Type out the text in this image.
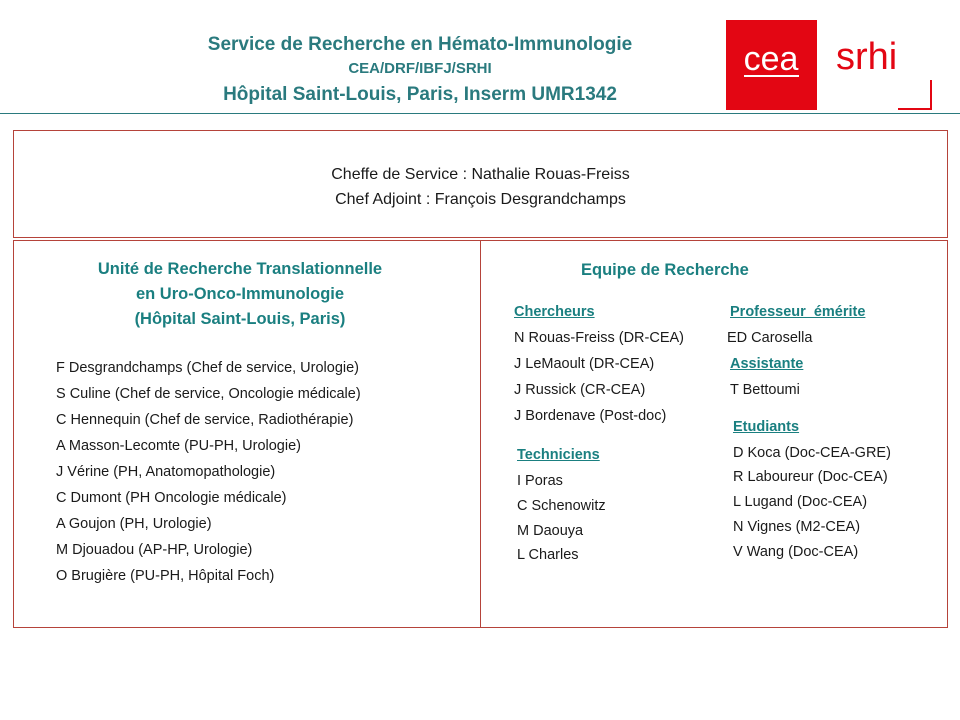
Service de Recherche en Hémato-Immunologie
CEA/DRF/IBFJ/SRHI
Hôpital Saint-Louis, Paris, Inserm UMR1342
cea srhi
Cheffe de Service : Nathalie Rouas-Freiss
Chef Adjoint : François Desgrandchamps
Unité de Recherche Translationnelle
en Uro-Onco-Immunologie
(Hôpital Saint-Louis, Paris)
F Desgrandchamps (Chef de service, Urologie)
S Culine (Chef de service, Oncologie médicale)
C Hennequin (Chef de service, Radiothérapie)
A Masson-Lecomte (PU-PH, Urologie)
J Vérine (PH, Anatomopathologie)
C Dumont (PH Oncologie médicale)
A Goujon (PH, Urologie)
M Djouadou (AP-HP, Urologie)
O Brugière (PU-PH, Hôpital Foch)
Equipe de Recherche
Chercheurs
N Rouas-Freiss (DR-CEA)
J LeMaoult (DR-CEA)
J Russick (CR-CEA)
J Bordenave (Post-doc)
Professeur  émérite
ED Carosella
Assistante
T Bettoumi
Techniciens
I Poras
C Schenowitz
M Daouya
L Charles
Etudiants
D Koca (Doc-CEA-GRE)
R Laboureur (Doc-CEA)
L Lugand (Doc-CEA)
N Vignes (M2-CEA)
V Wang (Doc-CEA)
